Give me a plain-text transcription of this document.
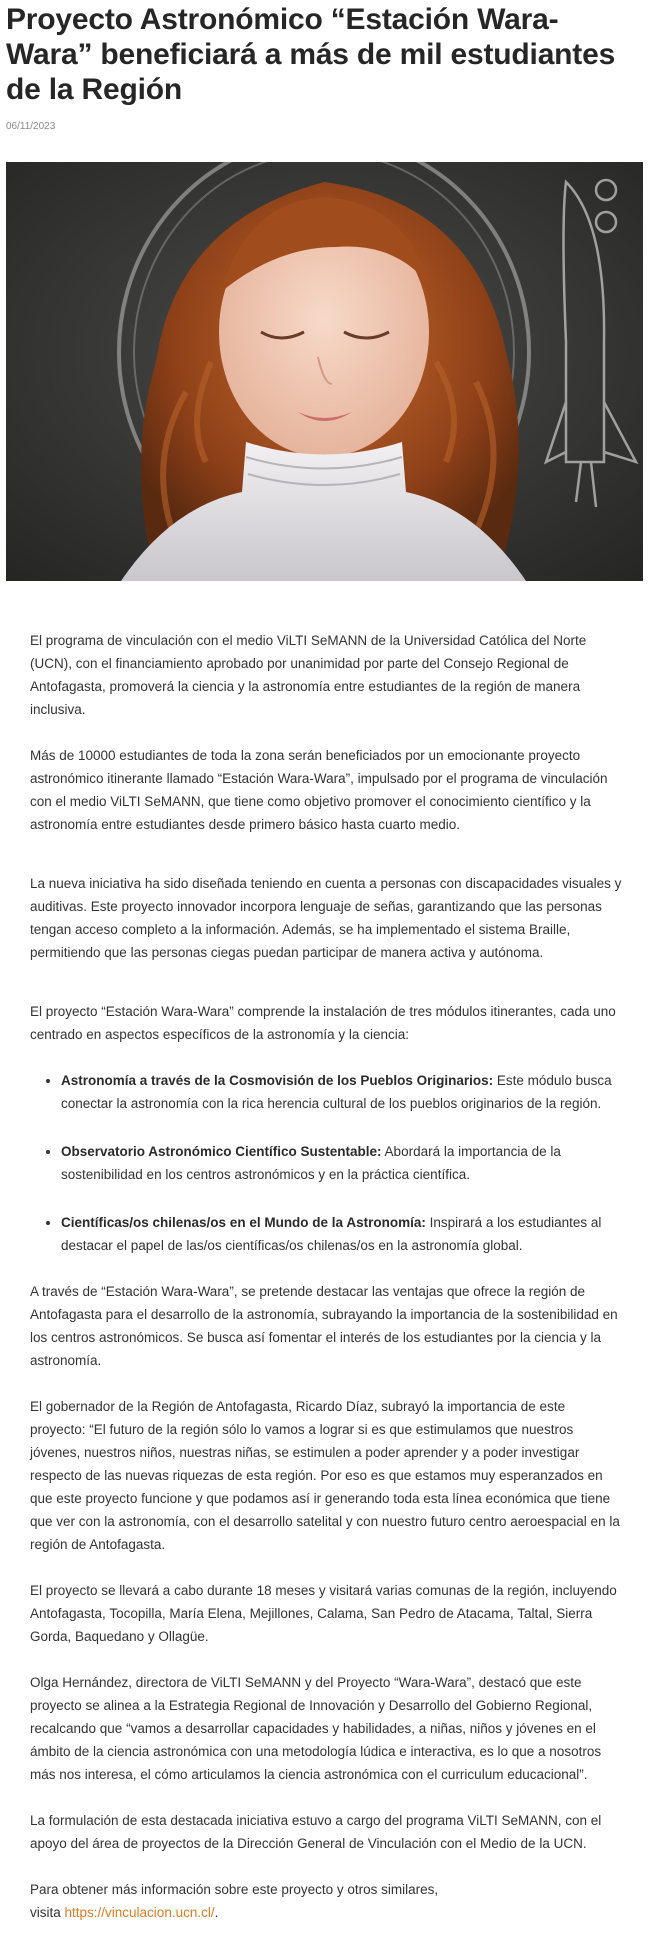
Proyecto Astronómico “Estación Wara-Wara” beneficiará a más de mil estudiantes de la Región
06/11/2023

El programa de vinculación con el medio ViLTI SeMANN de la Universidad Católica del Norte (UCN), con el financiamiento aprobado por unanimidad por parte del Consejo Regional de Antofagasta, promoverá la ciencia y la astronomía entre estudiantes de la región de manera inclusiva.

Más de 10000 estudiantes de toda la zona serán beneficiados por un emocionante proyecto astronómico itinerante llamado “Estación Wara-Wara”, impulsado por el programa de vinculación con el medio ViLTI SeMANN, que tiene como objetivo promover el conocimiento científico y la astronomía entre estudiantes desde primero básico hasta cuarto medio.

La nueva iniciativa ha sido diseñada teniendo en cuenta a personas con discapacidades visuales y auditivas. Este proyecto innovador incorpora lenguaje de señas, garantizando que las personas tengan acceso completo a la información. Además, se ha implementado el sistema Braille, permitiendo que las personas ciegas puedan participar de manera activa y autónoma.

El proyecto “Estación Wara-Wara” comprende la instalación de tres módulos itinerantes, cada uno centrado en aspectos específicos de la astronomía y la ciencia:

• Astronomía a través de la Cosmovisión de los Pueblos Originarios: Este módulo busca conectar la astronomía con la rica herencia cultural de los pueblos originarios de la región.
• Observatorio Astronómico Científico Sustentable: Abordará la importancia de la sostenibilidad en los centros astronómicos y en la práctica científica.
• Científicas/os chilenas/os en el Mundo de la Astronomía: Inspirará a los estudiantes al destacar el papel de las/os científicas/os chilenas/os en la astronomía global.

A través de “Estación Wara-Wara”, se pretende destacar las ventajas que ofrece la región de Antofagasta para el desarrollo de la astronomía, subrayando la importancia de la sostenibilidad en los centros astronómicos. Se busca así fomentar el interés de los estudiantes por la ciencia y la astronomía.

El gobernador de la Región de Antofagasta, Ricardo Díaz, subrayó la importancia de este proyecto: “El futuro de la región sólo lo vamos a lograr si es que estimulamos que nuestros jóvenes, nuestros niños, nuestras niñas, se estimulen a poder aprender y a poder investigar respecto de las nuevas riquezas de esta región. Por eso es que estamos muy esperanzados en que este proyecto funcione y que podamos así ir generando toda esta línea económica que tiene que ver con la astronomía, con el desarrollo satelital y con nuestro futuro centro aeroespacial en la región de Antofagasta.

El proyecto se llevará a cabo durante 18 meses y visitará varias comunas de la región, incluyendo Antofagasta, Tocopilla, María Elena, Mejillones, Calama, San Pedro de Atacama, Taltal, Sierra Gorda, Baquedano y Ollagüe.

Olga Hernández, directora de ViLTI SeMANN y del Proyecto “Wara-Wara”, destacó que este proyecto se alinea a la Estrategia Regional de Innovación y Desarrollo del Gobierno Regional, recalcando que “vamos a desarrollar capacidades y habilidades, a niñas, niños y jóvenes en el ámbito de la ciencia astronómica con una metodología lúdica e interactiva, es lo que a nosotros más nos interesa, el cómo articulamos la ciencia astronómica con el curriculum educacional”.

La formulación de esta destacada iniciativa estuvo a cargo del programa ViLTI SeMANN, con el apoyo del área de proyectos de la Dirección General de Vinculación con el Medio de la UCN.

Para obtener más información sobre este proyecto y otros similares,
visita https://vinculacion.ucn.cl/.
